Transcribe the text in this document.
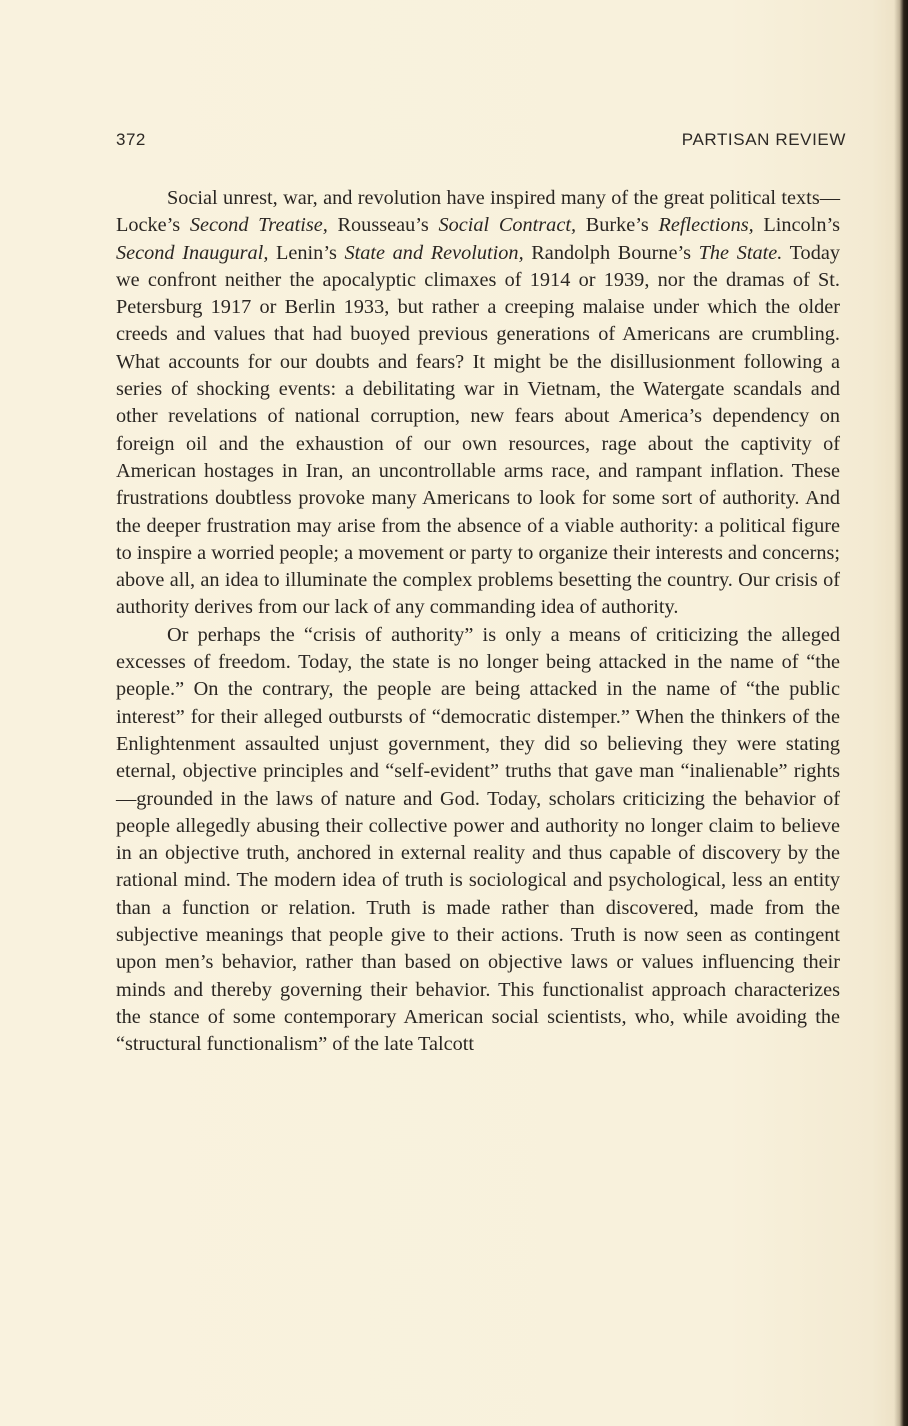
372	PARTISAN REVIEW

Social unrest, war, and revolution have inspired many of the great political texts—Locke’s Second Treatise, Rousseau’s Social Contract, Burke’s Reflections, Lincoln’s Second Inaugural, Lenin’s State and Revolution, Randolph Bourne’s The State. Today we confront neither the apocalyptic climaxes of 1914 or 1939, nor the dramas of St. Petersburg 1917 or Berlin 1933, but rather a creeping malaise under which the older creeds and values that had buoyed previous generations of Americans are crumbling. What accounts for our doubts and fears? It might be the disillusionment following a series of shocking events: a debilitating war in Vietnam, the Watergate scandals and other revelations of national corruption, new fears about America’s dependency on foreign oil and the exhaustion of our own resources, rage about the captivity of American hostages in Iran, an uncontrollable arms race, and rampant inflation. These frustrations doubtless provoke many Americans to look for some sort of authority. And the deeper frustration may arise from the absence of a viable authority: a political figure to inspire a worried people; a movement or party to organize their interests and concerns; above all, an idea to illuminate the complex problems besetting the country. Our crisis of authority derives from our lack of any commanding idea of authority.

Or perhaps the “crisis of authority” is only a means of criticizing the alleged excesses of freedom. Today, the state is no longer being attacked in the name of “the people.” On the contrary, the people are being attacked in the name of “the public interest” for their alleged outbursts of “democratic distemper.” When the thinkers of the Enlightenment assaulted unjust government, they did so believing they were stating eternal, objective principles and “self-evident” truths that gave man “inalienable” rights—grounded in the laws of nature and God. Today, scholars criticizing the behavior of people allegedly abusing their collective power and authority no longer claim to believe in an objective truth, anchored in external reality and thus capable of discovery by the rational mind. The modern idea of truth is sociological and psychological, less an entity than a function or relation. Truth is made rather than discovered, made from the subjective meanings that people give to their actions. Truth is now seen as contingent upon men’s behavior, rather than based on objective laws or values influencing their minds and thereby governing their behavior. This functionalist approach characterizes the stance of some contemporary American social scientists, who, while avoiding the “structural functionalism” of the late Talcott
